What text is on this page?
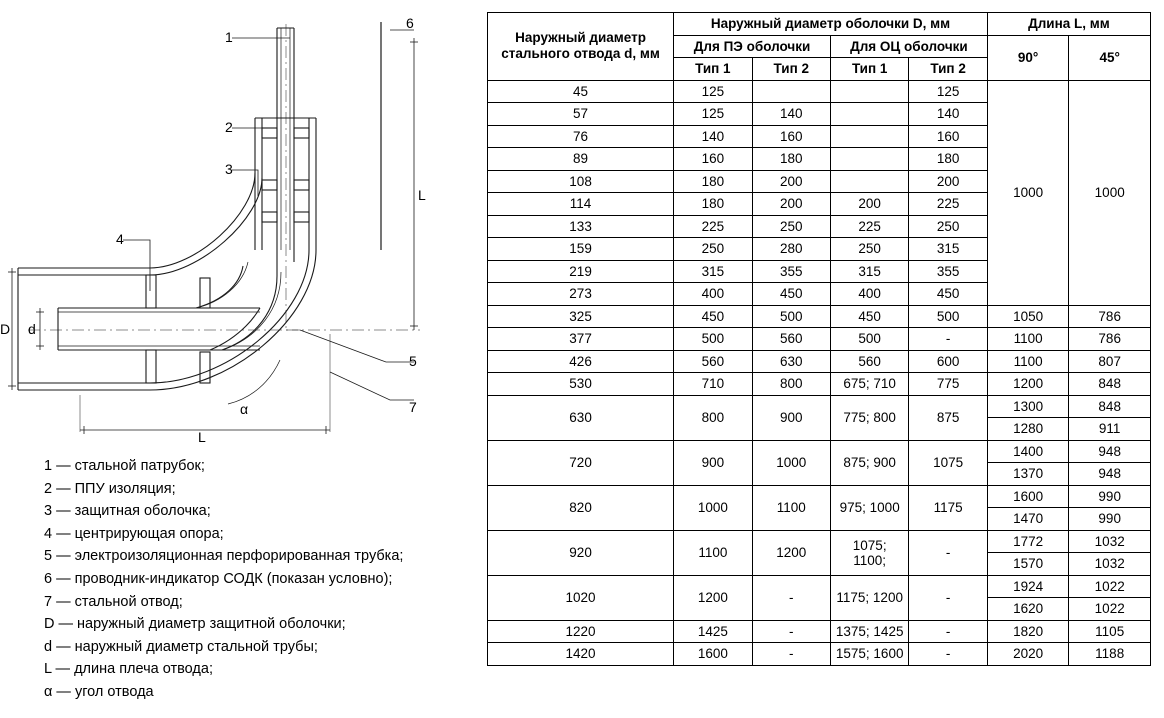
1
2
3
4
5
6
7
D d
L
L
α
1 — стальной патрубок;
2 — ППУ изоляция;
3 — защитная оболочка;
4 — центрирующая опора;
5 — электроизоляционная перфорированная трубка;
6 — проводник-индикатор СОДК (показан условно);
7 — стальной отвод;
D — наружный диаметр защитной оболочки;
d — наружный диаметр стальной трубы;
L — длина плеча отвода;
α — угол отвода
Наружный диаметр
стального отвода d, мм	Наружный диаметр оболочки D, мм				Длина L, мм	
	Для ПЭ оболочки		Для ОЦ оболочки		90°	45°
	Тип 1	Тип 2	Тип 1	Тип 2		
45	125			125	1000	1000
57	125	140		140		
76	140	160		160		
89	160	180		180		
108	180	200		200		
114	180	200	200	225		
133	225	250	225	250		
159	250	280	250	315		
219	315	355	315	355		
273	400	450	400	450		
325	450	500	450	500	1050	786
377	500	560	500	-	1100	786
426	560	630	560	600	1100	807
530	710	800	675; 710	775	1200	848
630	800	900	775; 800	875	1300	848
					1280	911
720	900	1000	875; 900	1075	1400	948
					1370	948
820	1000	1100	975; 1000	1175	1600	990
					1470	990
920	1100	1200	1075;
1100;	-	1772	1032
					1570	1032
1020	1200	-	1175; 1200	-	1924	1022
					1620	1022
1220	1425	-	1375; 1425	-	1820	1105
1420	1600	-	1575; 1600	-	2020	1188
